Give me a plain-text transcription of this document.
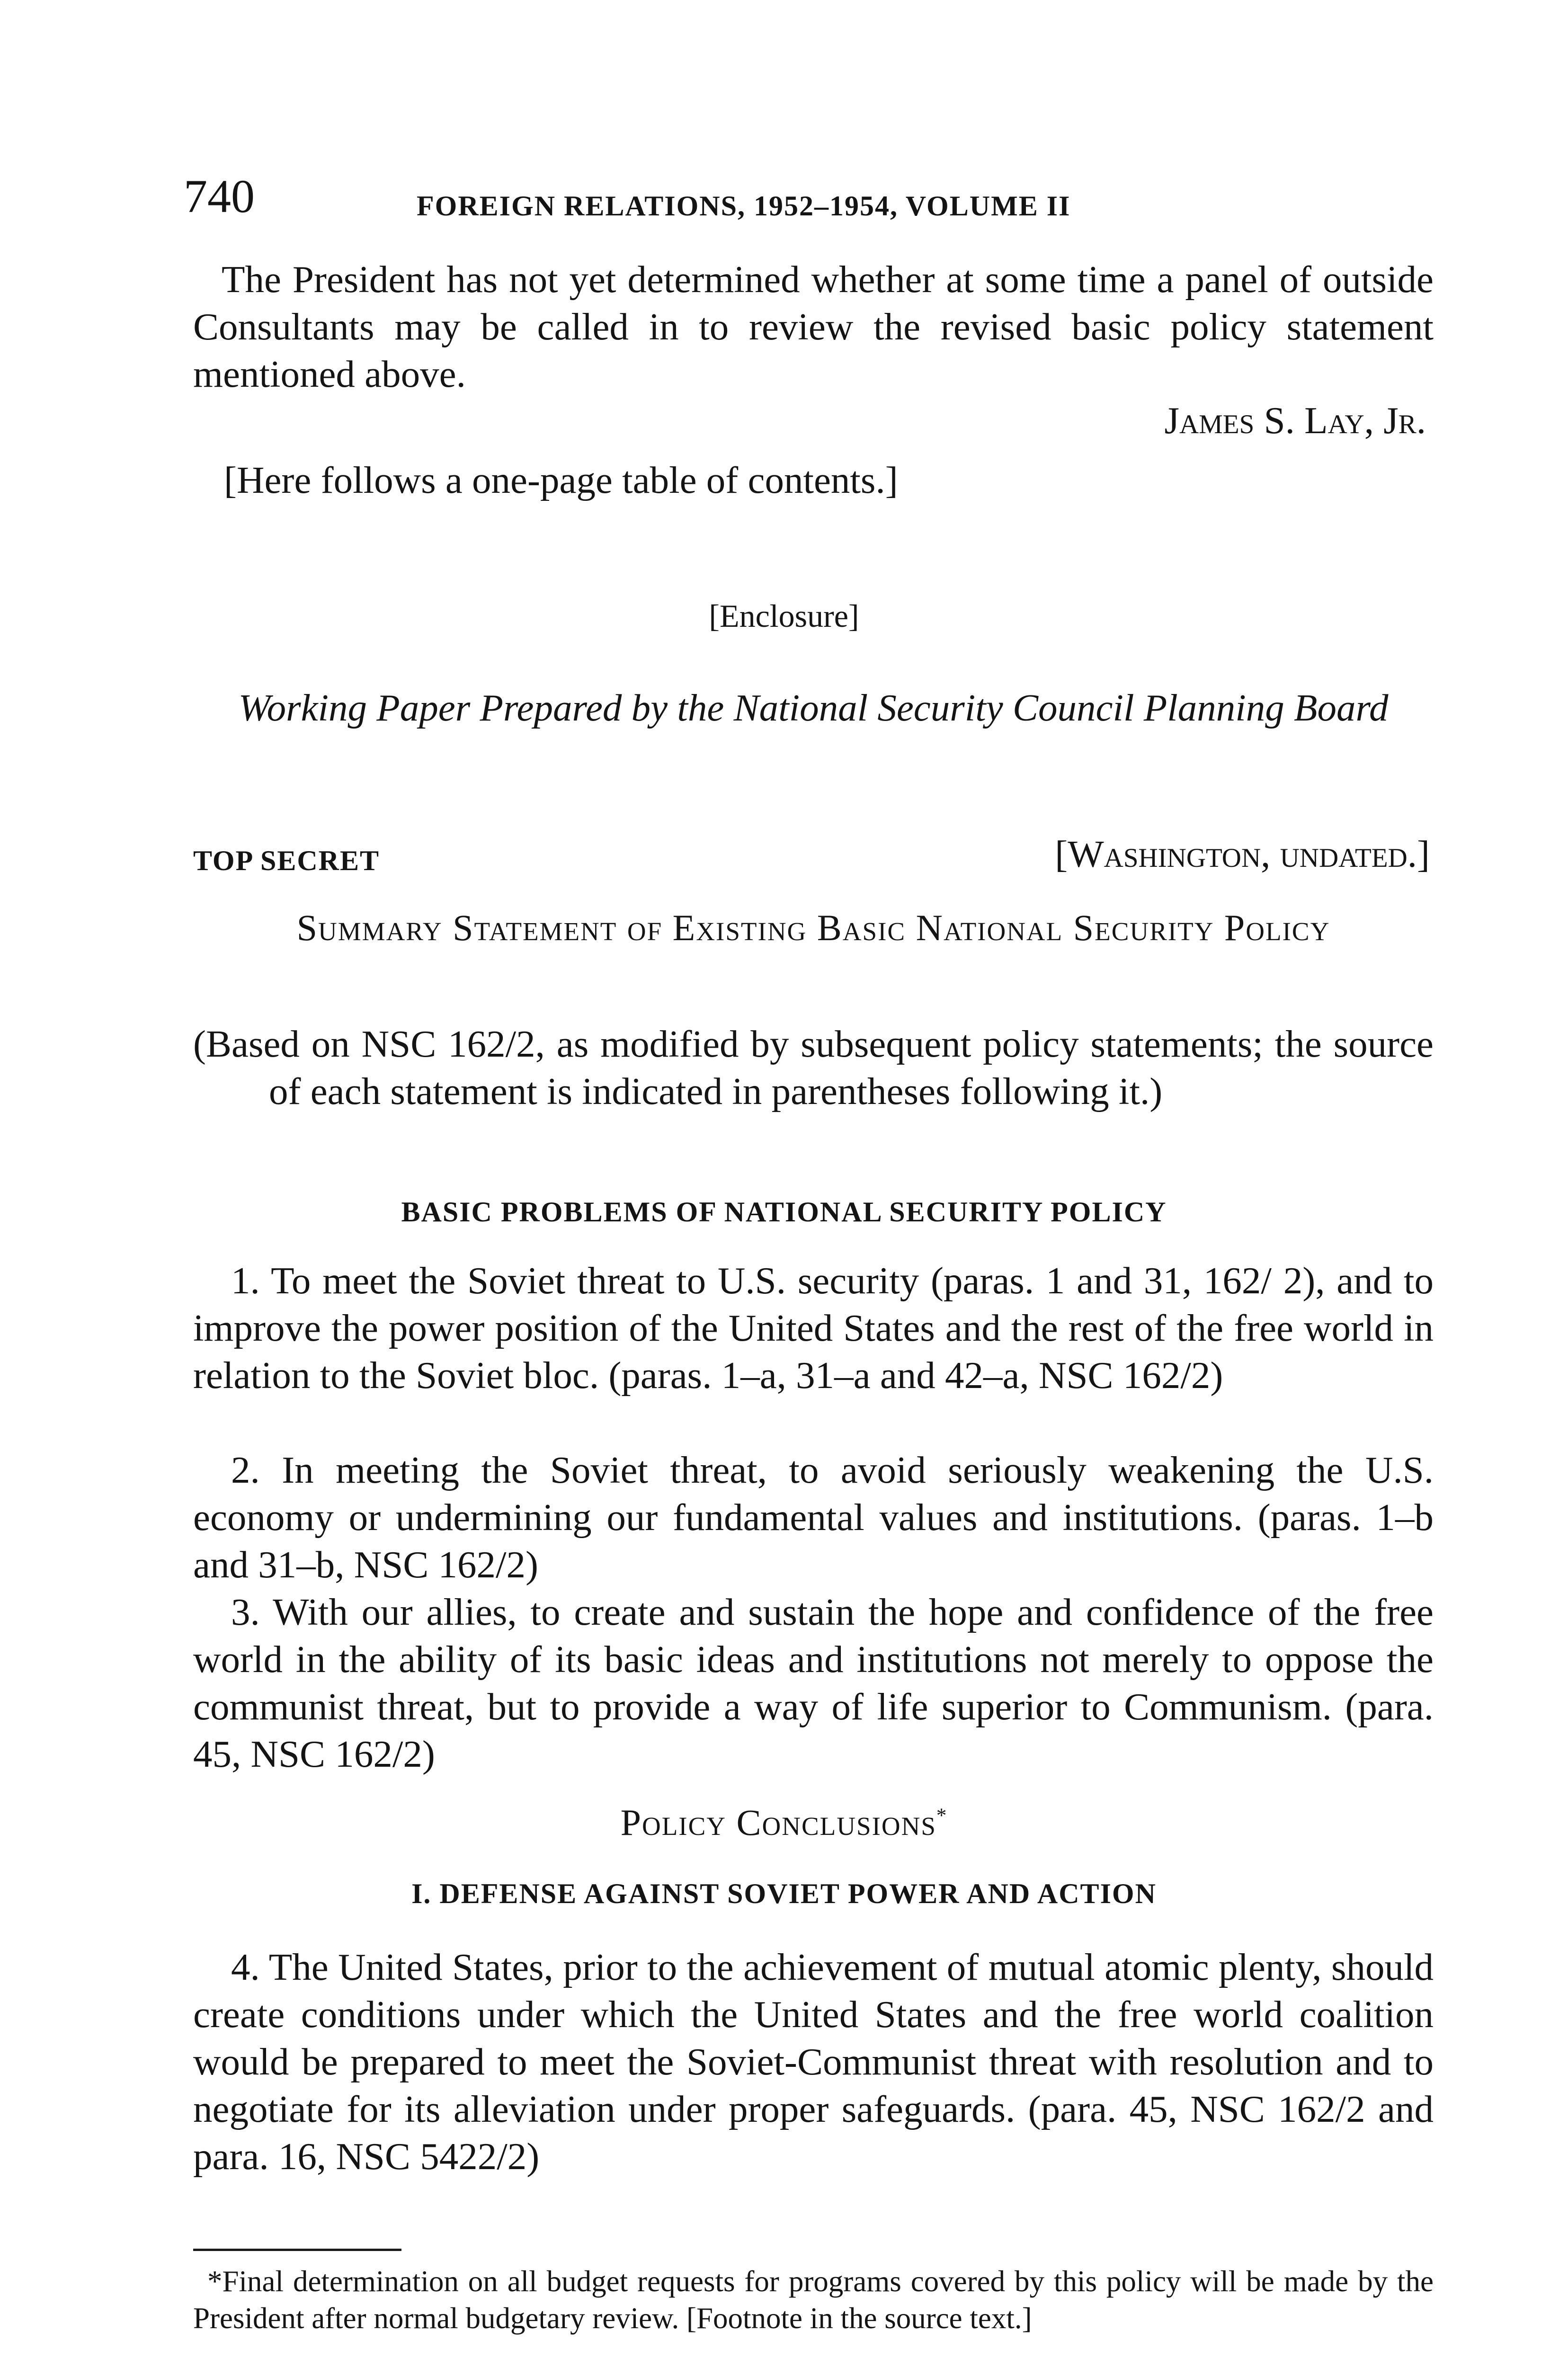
740	FOREIGN RELATIONS, 1952–1954, VOLUME II

The President has not yet determined whether at some time a panel of outside Consultants may be called in to review the revised basic policy statement mentioned above.

James S. Lay, Jr.
[Here follows a one-page table of contents.]
[Enclosure]
Working Paper Prepared by the National Security Council Planning Board
TOP SECRET	[Washington, undated.]
Summary Statement of Existing Basic National Security Policy

(Based on NSC 162/2, as modified by subsequent policy statements; the source of each statement is indicated in parentheses following it.)

BASIC PROBLEMS OF NATIONAL SECURITY POLICY

1. To meet the Soviet threat to U.S. security (paras. 1 and 31, 162/ 2), and to improve the power position of the United States and the rest of the free world in relation to the Soviet bloc. (paras. 1–a, 31–a and 42–a, NSC 162/2)

2. In meeting the Soviet threat, to avoid seriously weakening the U.S. economy or undermining our fundamental values and institutions. (paras. 1–b and 31–b, NSC 162/2)

3. With our allies, to create and sustain the hope and confidence of the free world in the ability of its basic ideas and institutions not merely to oppose the communist threat, but to provide a way of life superior to Communism. (para. 45, NSC 162/2)

Policy Conclusions*
I. DEFENSE AGAINST SOVIET POWER AND ACTION

4. The United States, prior to the achievement of mutual atomic plenty, should create conditions under which the United States and the free world coalition would be prepared to meet the Soviet-Communist threat with resolution and to negotiate for its alleviation under proper safeguards. (para. 45, NSC 162/2 and para. 16, NSC 5422/2)

*Final determination on all budget requests for programs covered by this policy will be made by the President after normal budgetary review. [Footnote in the source text.]
